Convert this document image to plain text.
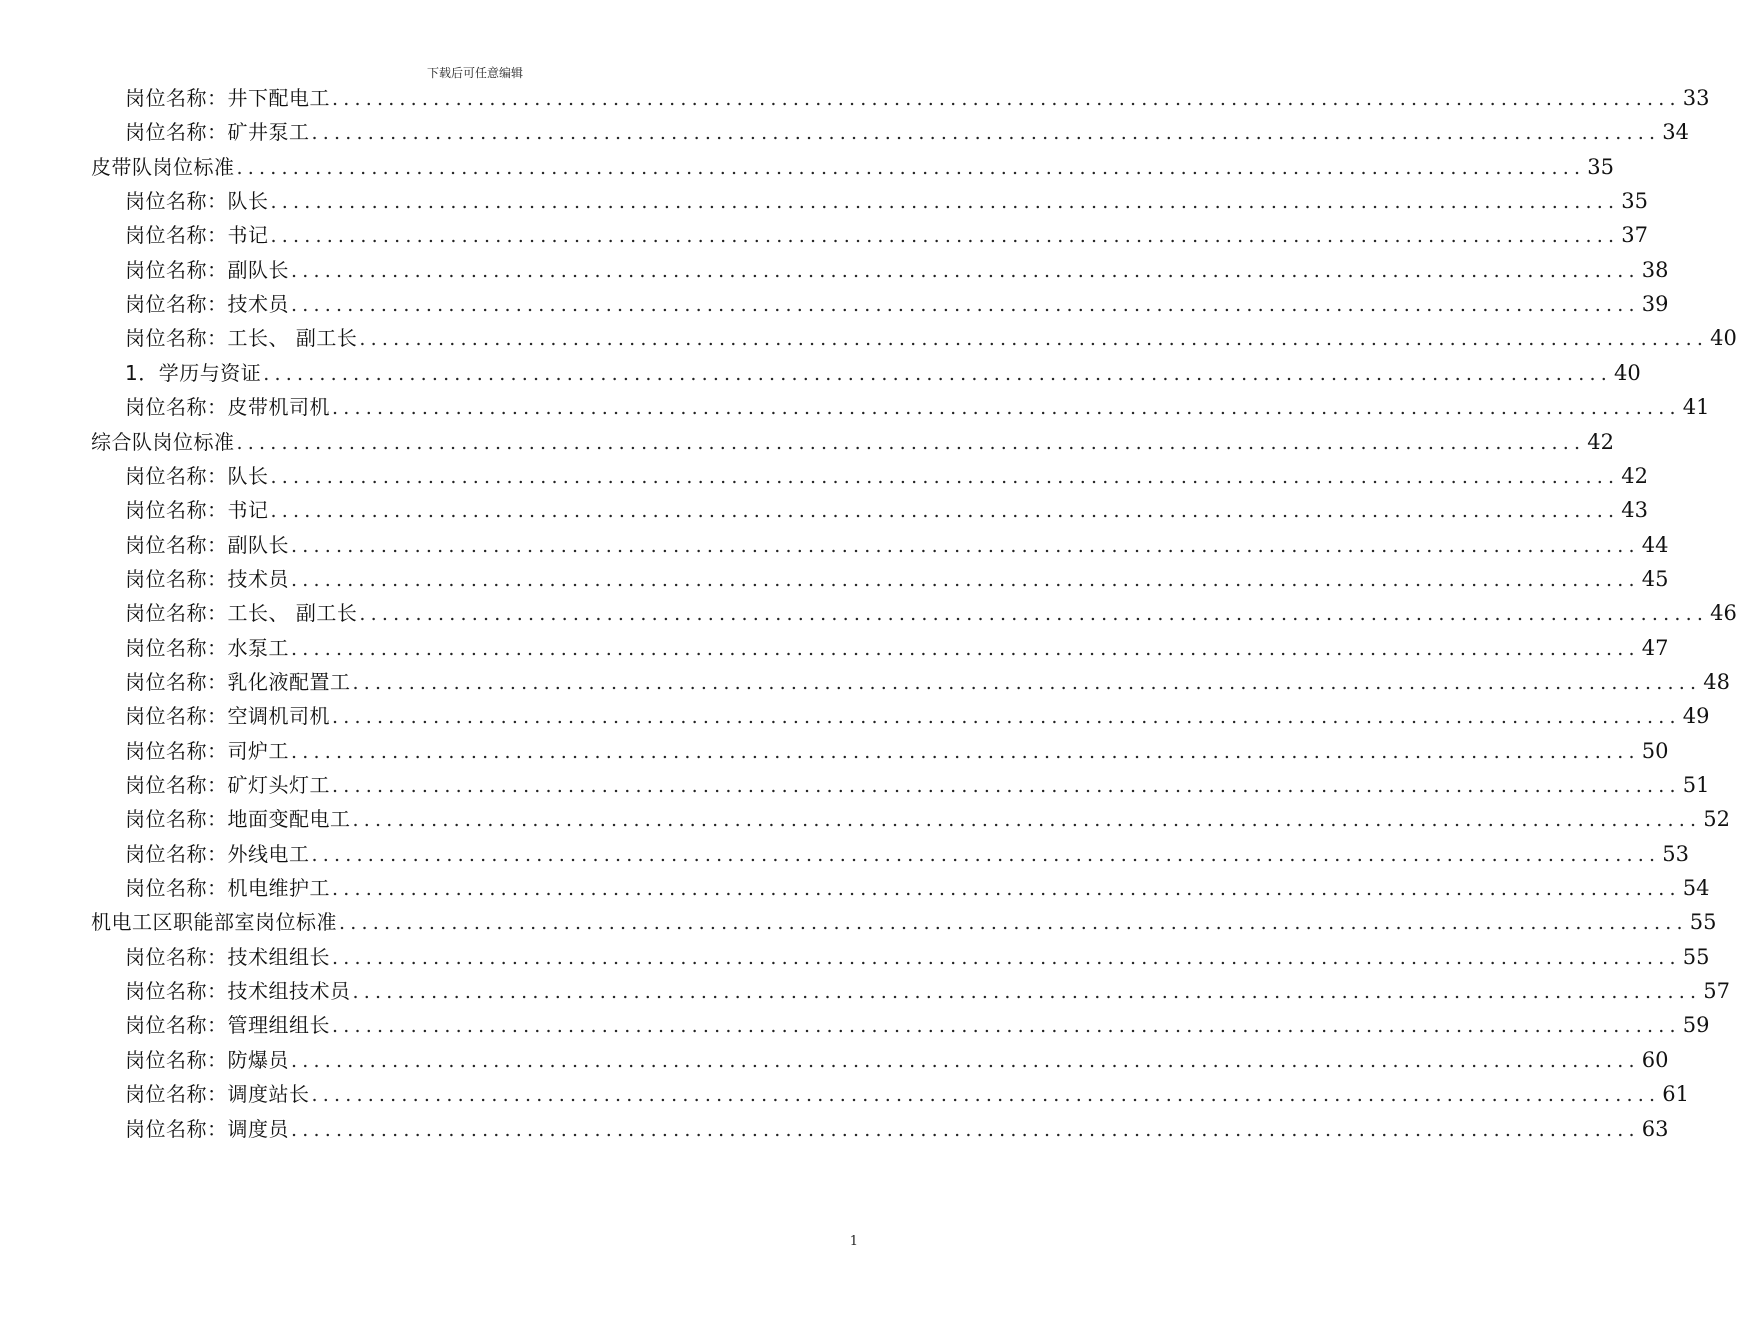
下载后可任意编辑
岗位名称：井下配电工 ........................................................................................................................ 33
岗位名称：矿井泵工 ........................................................................................................................ 34
皮带队岗位标准 ........................................................................................................................ 35
岗位名称：队长 ........................................................................................................................ 35
岗位名称：书记 ........................................................................................................................ 37
岗位名称：副队长 ........................................................................................................................ 38
岗位名称：技术员 ........................................................................................................................ 39
岗位名称：工长、 副工长 ........................................................................................................................ 40
1．学历与资证 ........................................................................................................................ 40
岗位名称：皮带机司机 ........................................................................................................................ 41
综合队岗位标准 ........................................................................................................................ 42
岗位名称：队长 ........................................................................................................................ 42
岗位名称：书记 ........................................................................................................................ 43
岗位名称：副队长 ........................................................................................................................ 44
岗位名称：技术员 ........................................................................................................................ 45
岗位名称：工长、 副工长 ........................................................................................................................ 46
岗位名称：水泵工 ........................................................................................................................ 47
岗位名称：乳化液配置工 ........................................................................................................................ 48
岗位名称：空调机司机 ........................................................................................................................ 49
岗位名称：司炉工 ........................................................................................................................ 50
岗位名称：矿灯头灯工 ........................................................................................................................ 51
岗位名称：地面变配电工 ........................................................................................................................ 52
岗位名称：外线电工 ........................................................................................................................ 53
岗位名称：机电维护工 ........................................................................................................................ 54
机电工区职能部室岗位标准 ........................................................................................................................ 55
岗位名称：技术组组长 ........................................................................................................................ 55
岗位名称：技术组技术员 ........................................................................................................................ 57
岗位名称：管理组组长 ........................................................................................................................ 59
岗位名称：防爆员 ........................................................................................................................ 60
岗位名称：调度站长 ........................................................................................................................ 61
岗位名称：调度员 ........................................................................................................................ 63
1
